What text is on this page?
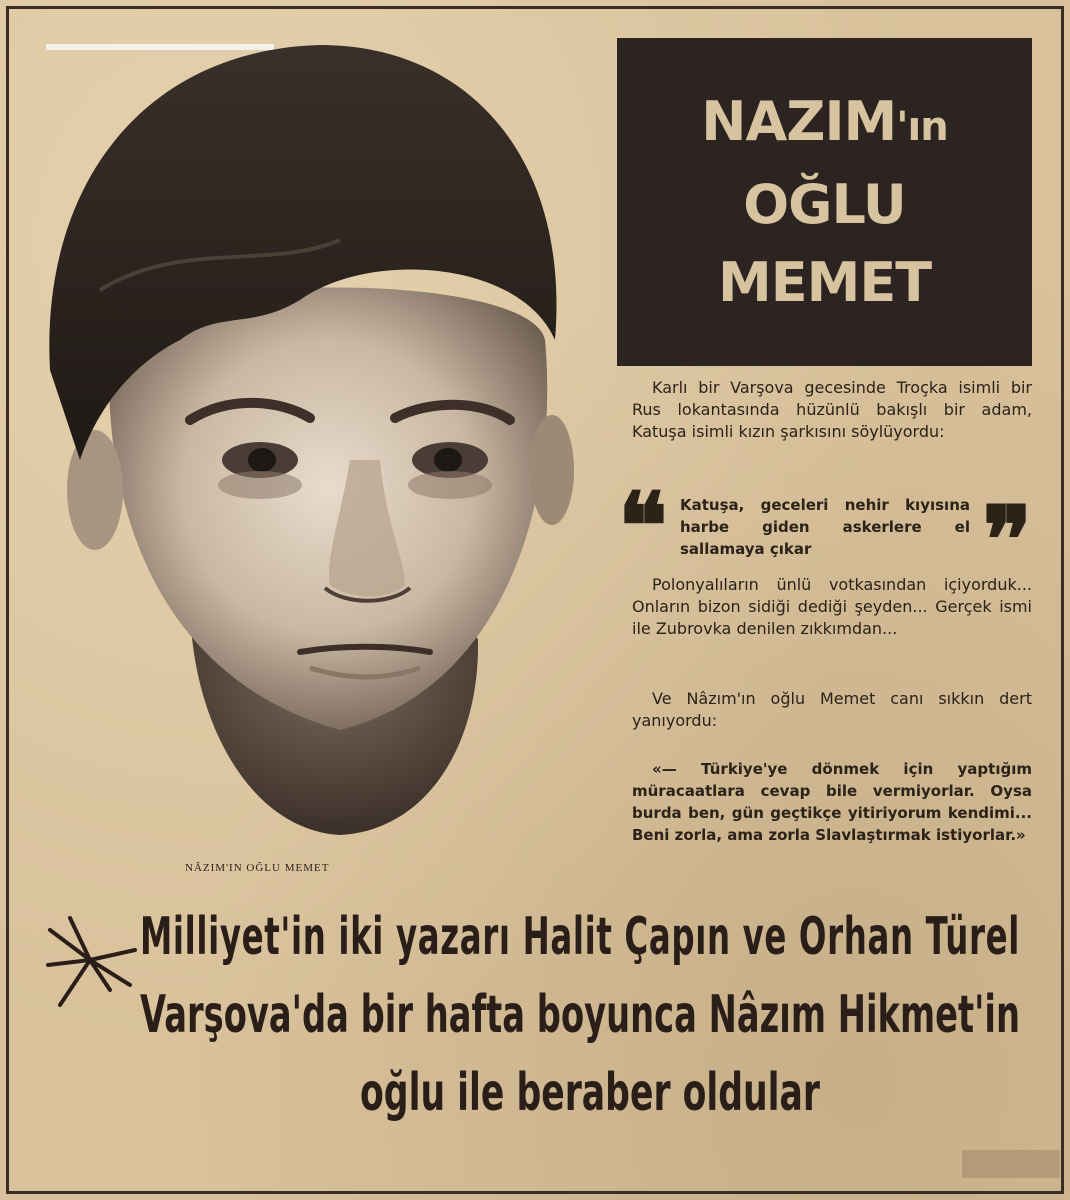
NÂZIM'IN OĞLU MEMET
NAZIM'ın
OĞLU
MEMET
Karlı bir Varşova gecesinde Troçka isimli bir Rus lokantasında hüzünlü bakışlı bir adam, Katuşa isimli kızın şarkısını söylüyordu:
❝ Katuşa, geceleri nehir kıyısına harbe giden askerlere el sallamaya çıkar	❞
Polonyalıların ünlü votkasından içiyorduk... Onların bizon sidiği dediği şeyden... Gerçek ismi ile Zubrovka denilen zıkkımdan...
Ve Nâzım'ın oğlu Memet canı sıkkın dert yanıyordu:
«— Türkiye'ye dönmek için yaptığım müracaatlara cevap bile vermiyorlar. Oysa burda ben, gün geçtikçe yitiriyorum kendimi... Beni zorla, ama zorla Slavlaştırmak istiyorlar.»
Milliyet'in iki yazarı Halit Çapın ve Orhan Türel
Varşova'da bir hafta boyunca Nâzım Hikmet'in
oğlu ile beraber oldular
